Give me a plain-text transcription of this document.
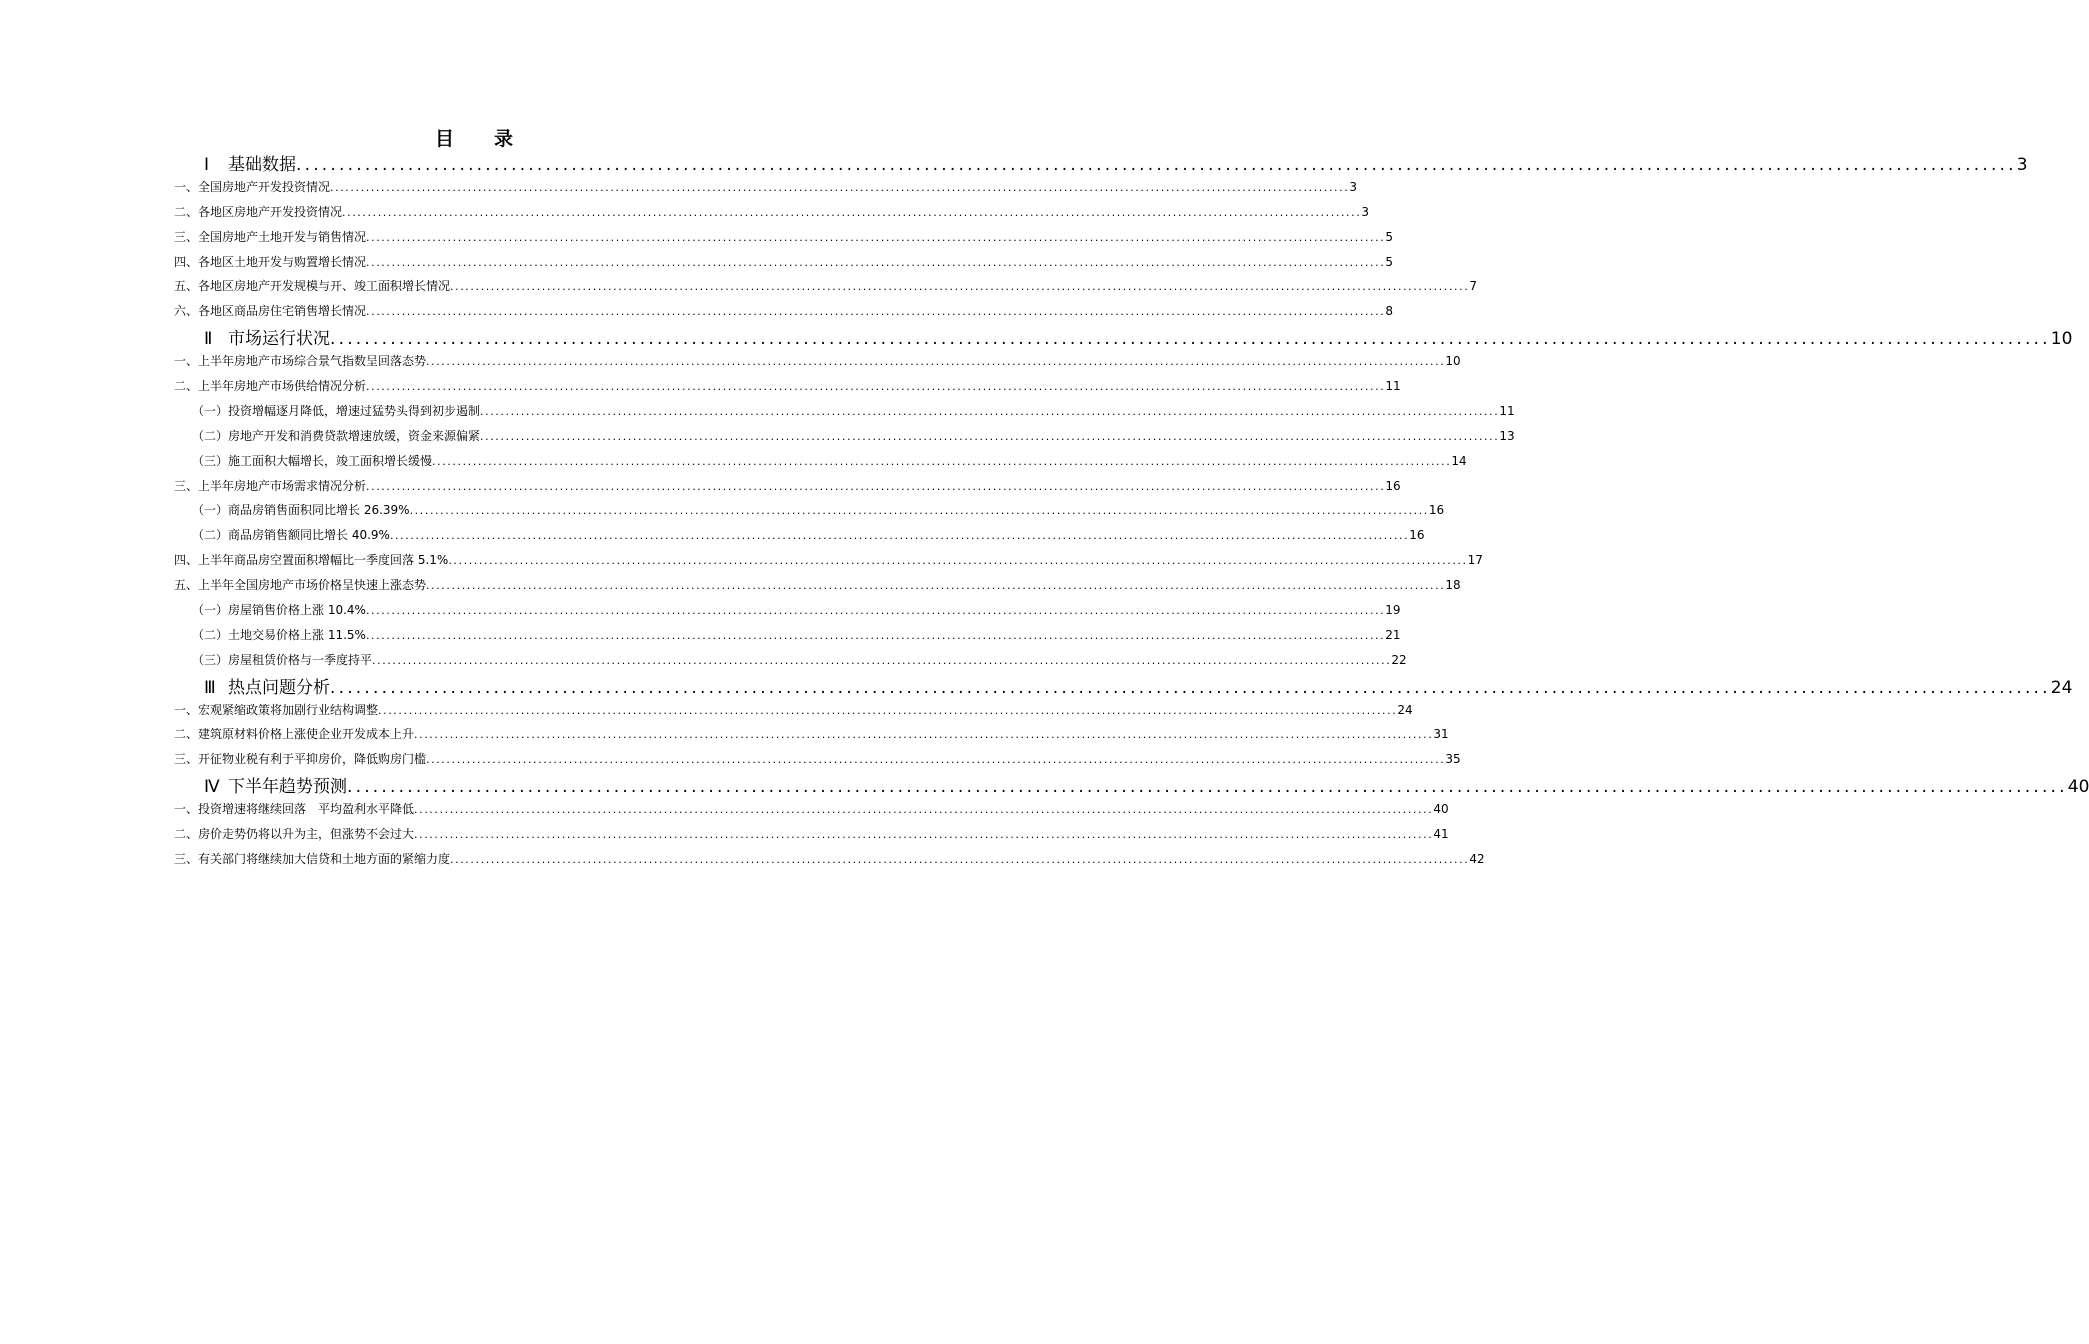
目 录
Ⅰ 基础数据 ........................................................................................................................................................................................................ 3
一、全国房地产开发投资情况 ........................................................................................................................................................................................................ 3
二、各地区房地产开发投资情况 ........................................................................................................................................................................................................ 3
三、全国房地产土地开发与销售情况 ........................................................................................................................................................................................................ 5
四、各地区土地开发与购置增长情况 ........................................................................................................................................................................................................ 5
五、各地区房地产开发规模与开、竣工面积增长情况 ........................................................................................................................................................................................................ 7
六、各地区商品房住宅销售增长情况 ........................................................................................................................................................................................................ 8
Ⅱ 市场运行状况 ........................................................................................................................................................................................................ 10
一、上半年房地产市场综合景气指数呈回落态势 ........................................................................................................................................................................................................ 10
二、上半年房地产市场供给情况分析 ........................................................................................................................................................................................................ 11
（一）投资增幅逐月降低，增速过猛势头得到初步遏制 ........................................................................................................................................................................................................ 11
（二）房地产开发和消费贷款增速放缓，资金来源偏紧 ........................................................................................................................................................................................................ 13
（三）施工面积大幅增长，竣工面积增长缓慢 ........................................................................................................................................................................................................ 14
三、上半年房地产市场需求情况分析 ........................................................................................................................................................................................................ 16
（一）商品房销售面积同比增长 26.39% ........................................................................................................................................................................................................ 16
（二）商品房销售额同比增长 40.9% ........................................................................................................................................................................................................ 16
四、上半年商品房空置面积增幅比一季度回落 5.1% ........................................................................................................................................................................................................ 17
五、上半年全国房地产市场价格呈快速上涨态势 ........................................................................................................................................................................................................ 18
（一）房屋销售价格上涨 10.4% ........................................................................................................................................................................................................ 19
（二）土地交易价格上涨 11.5% ........................................................................................................................................................................................................ 21
（三）房屋租赁价格与一季度持平 ........................................................................................................................................................................................................ 22
Ⅲ 热点问题分析 ........................................................................................................................................................................................................ 24
一、宏观紧缩政策将加剧行业结构调整 ........................................................................................................................................................................................................ 24
二、建筑原材料价格上涨使企业开发成本上升 ........................................................................................................................................................................................................ 31
三、开征物业税有利于平抑房价，降低购房门槛 ........................................................................................................................................................................................................ 35
Ⅳ 下半年趋势预测 ........................................................................................................................................................................................................ 40
一、投资增速将继续回落　平均盈利水平降低 ........................................................................................................................................................................................................ 40
二、房价走势仍将以升为主，但涨势不会过大 ........................................................................................................................................................................................................ 41
三、有关部门将继续加大信贷和土地方面的紧缩力度 ........................................................................................................................................................................................................ 42
